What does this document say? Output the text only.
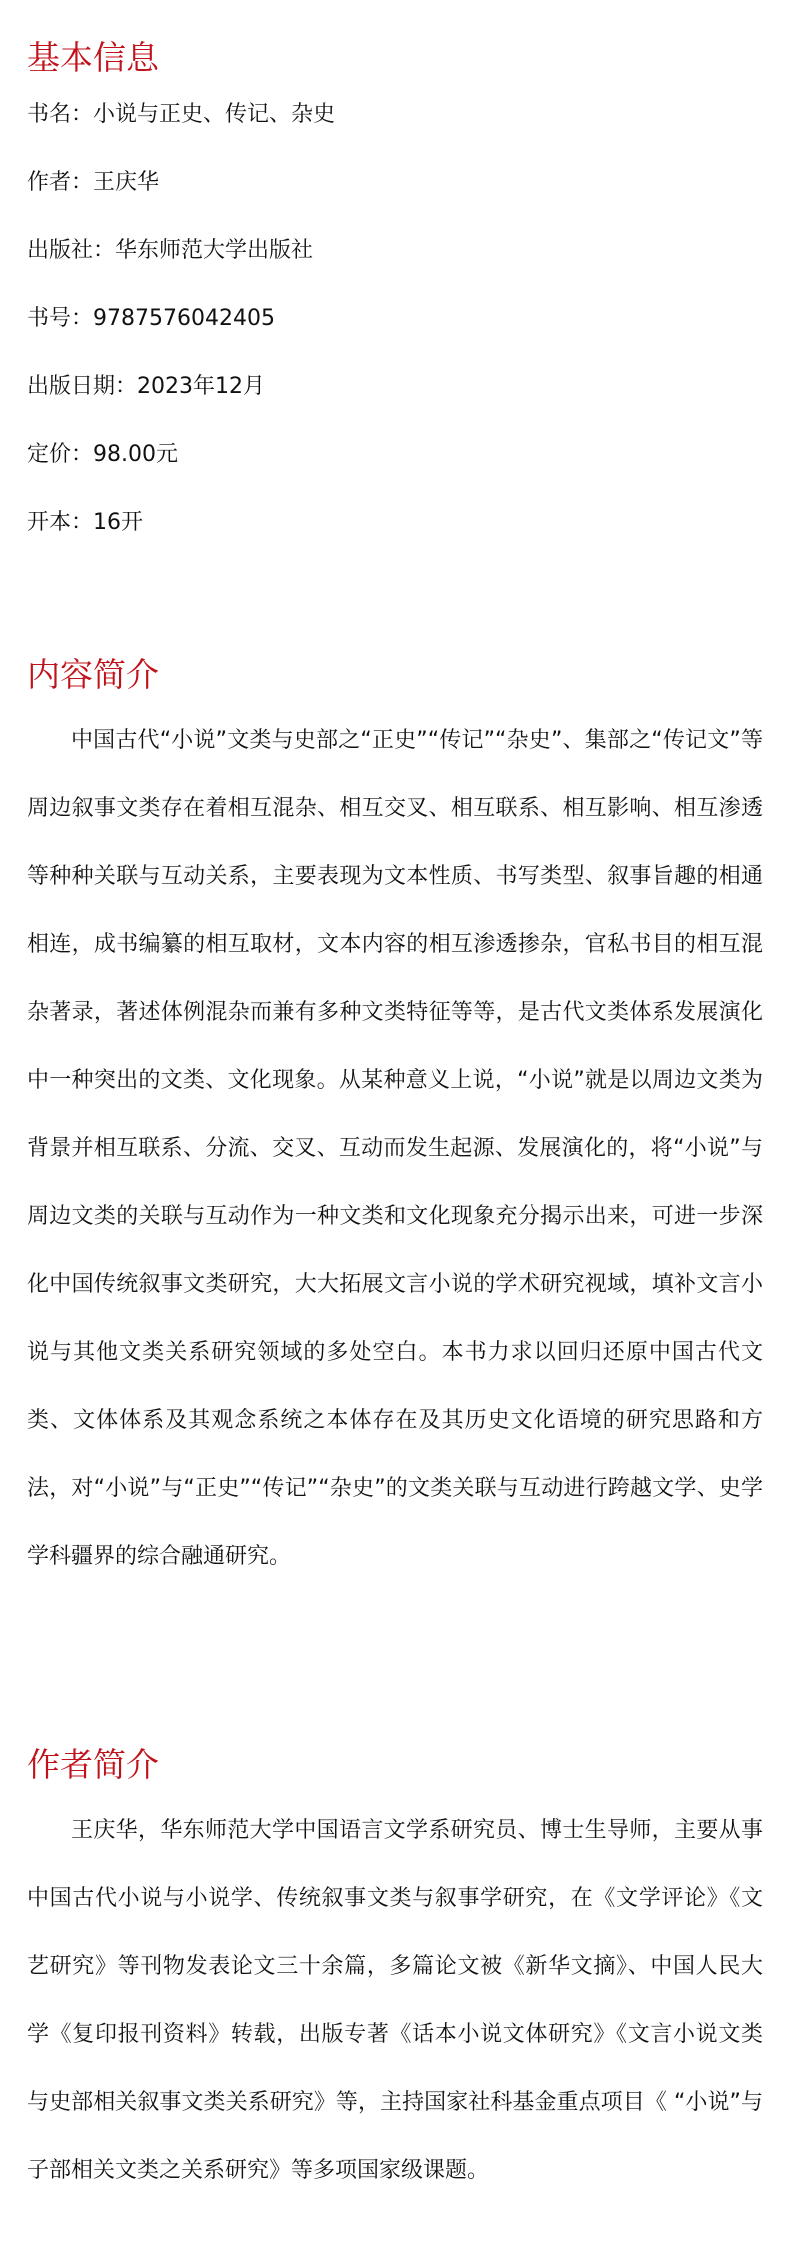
基本信息
书名：小说与正史、传记、杂史
作者：王庆华
出版社：华东师范大学出版社
书号：9787576042405
出版日期：2023年12月
定价：98.00元
开本：16开
内容简介

中国古代“小说”文类与史部之“正史”“传记”“杂史”、集部之“传记文”等周边叙事文类存在着相互混杂、相互交叉、相互联系、相互影响、相互渗透等种种关联与互动关系，主要表现为文本性质、书写类型、叙事旨趣的相通相连，成书编纂的相互取材，文本内容的相互渗透掺杂，官私书目的相互混杂著录，著述体例混杂而兼有多种文类特征等等，是古代文类体系发展演化中一种突出的文类、文化现象。从某种意义上说，“小说”就是以周边文类为背景并相互联系、分流、交叉、互动而发生起源、发展演化的，将“小说”与周边文类的关联与互动作为一种文类和文化现象充分揭示出来，可进一步深化中国传统叙事文类研究，大大拓展文言小说的学术研究视域，填补文言小说与其他文类关系研究领域的多处空白。本书力求以回归还原中国古代文类、文体体系及其观念系统之本体存在及其历史文化语境的研究思路和方法，对“小说”与“正史”“传记”“杂史”的文类关联与互动进行跨越文学、史学学科疆界的综合融通研究。

作者简介

王庆华，华东师范大学中国语言文学系研究员、博士生导师，主要从事中国古代小说与小说学、传统叙事文类与叙事学研究，在《文学评论》《文艺研究》等刊物发表论文三十余篇，多篇论文被《新华文摘》、中国人民大学《复印报刊资料》转载，出版专著《话本小说文体研究》《文言小说文类与史部相关叙事文类关系研究》等，主持国家社科基金重点项目《 “小说”与子部相关文类之关系研究》等多项国家级课题。
